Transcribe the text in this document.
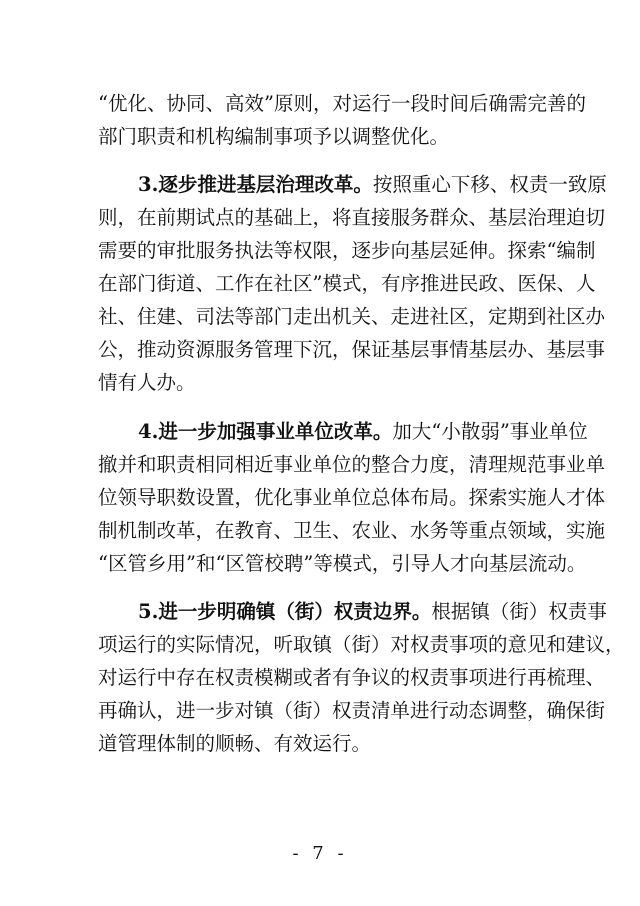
“优化、协同、高效”原则，对运行一段时间后确需完善的
部门职责和机构编制事项予以调整优化。
3.逐步推进基层治理改革。按照重心下移、权责一致原
则，在前期试点的基础上，将直接服务群众、基层治理迫切
需要的审批服务执法等权限，逐步向基层延伸。探索“编制
在部门街道、工作在社区”模式，有序推进民政、医保、人
社、住建、司法等部门走出机关、走进社区，定期到社区办
公，推动资源服务管理下沉，保证基层事情基层办、基层事
情有人办。
4.进一步加强事业单位改革。加大“小散弱”事业单位
撤并和职责相同相近事业单位的整合力度，清理规范事业单
位领导职数设置，优化事业单位总体布局。探索实施人才体
制机制改革，在教育、卫生、农业、水务等重点领域，实施
“区管乡用”和“区管校聘”等模式，引导人才向基层流动。
5.进一步明确镇（街）权责边界。根据镇（街）权责事
项运行的实际情况，听取镇（街）对权责事项的意见和建议，
对运行中存在权责模糊或者有争议的权责事项进行再梳理、
再确认，进一步对镇（街）权责清单进行动态调整，确保街
道管理体制的顺畅、有效运行。
- 7 -
